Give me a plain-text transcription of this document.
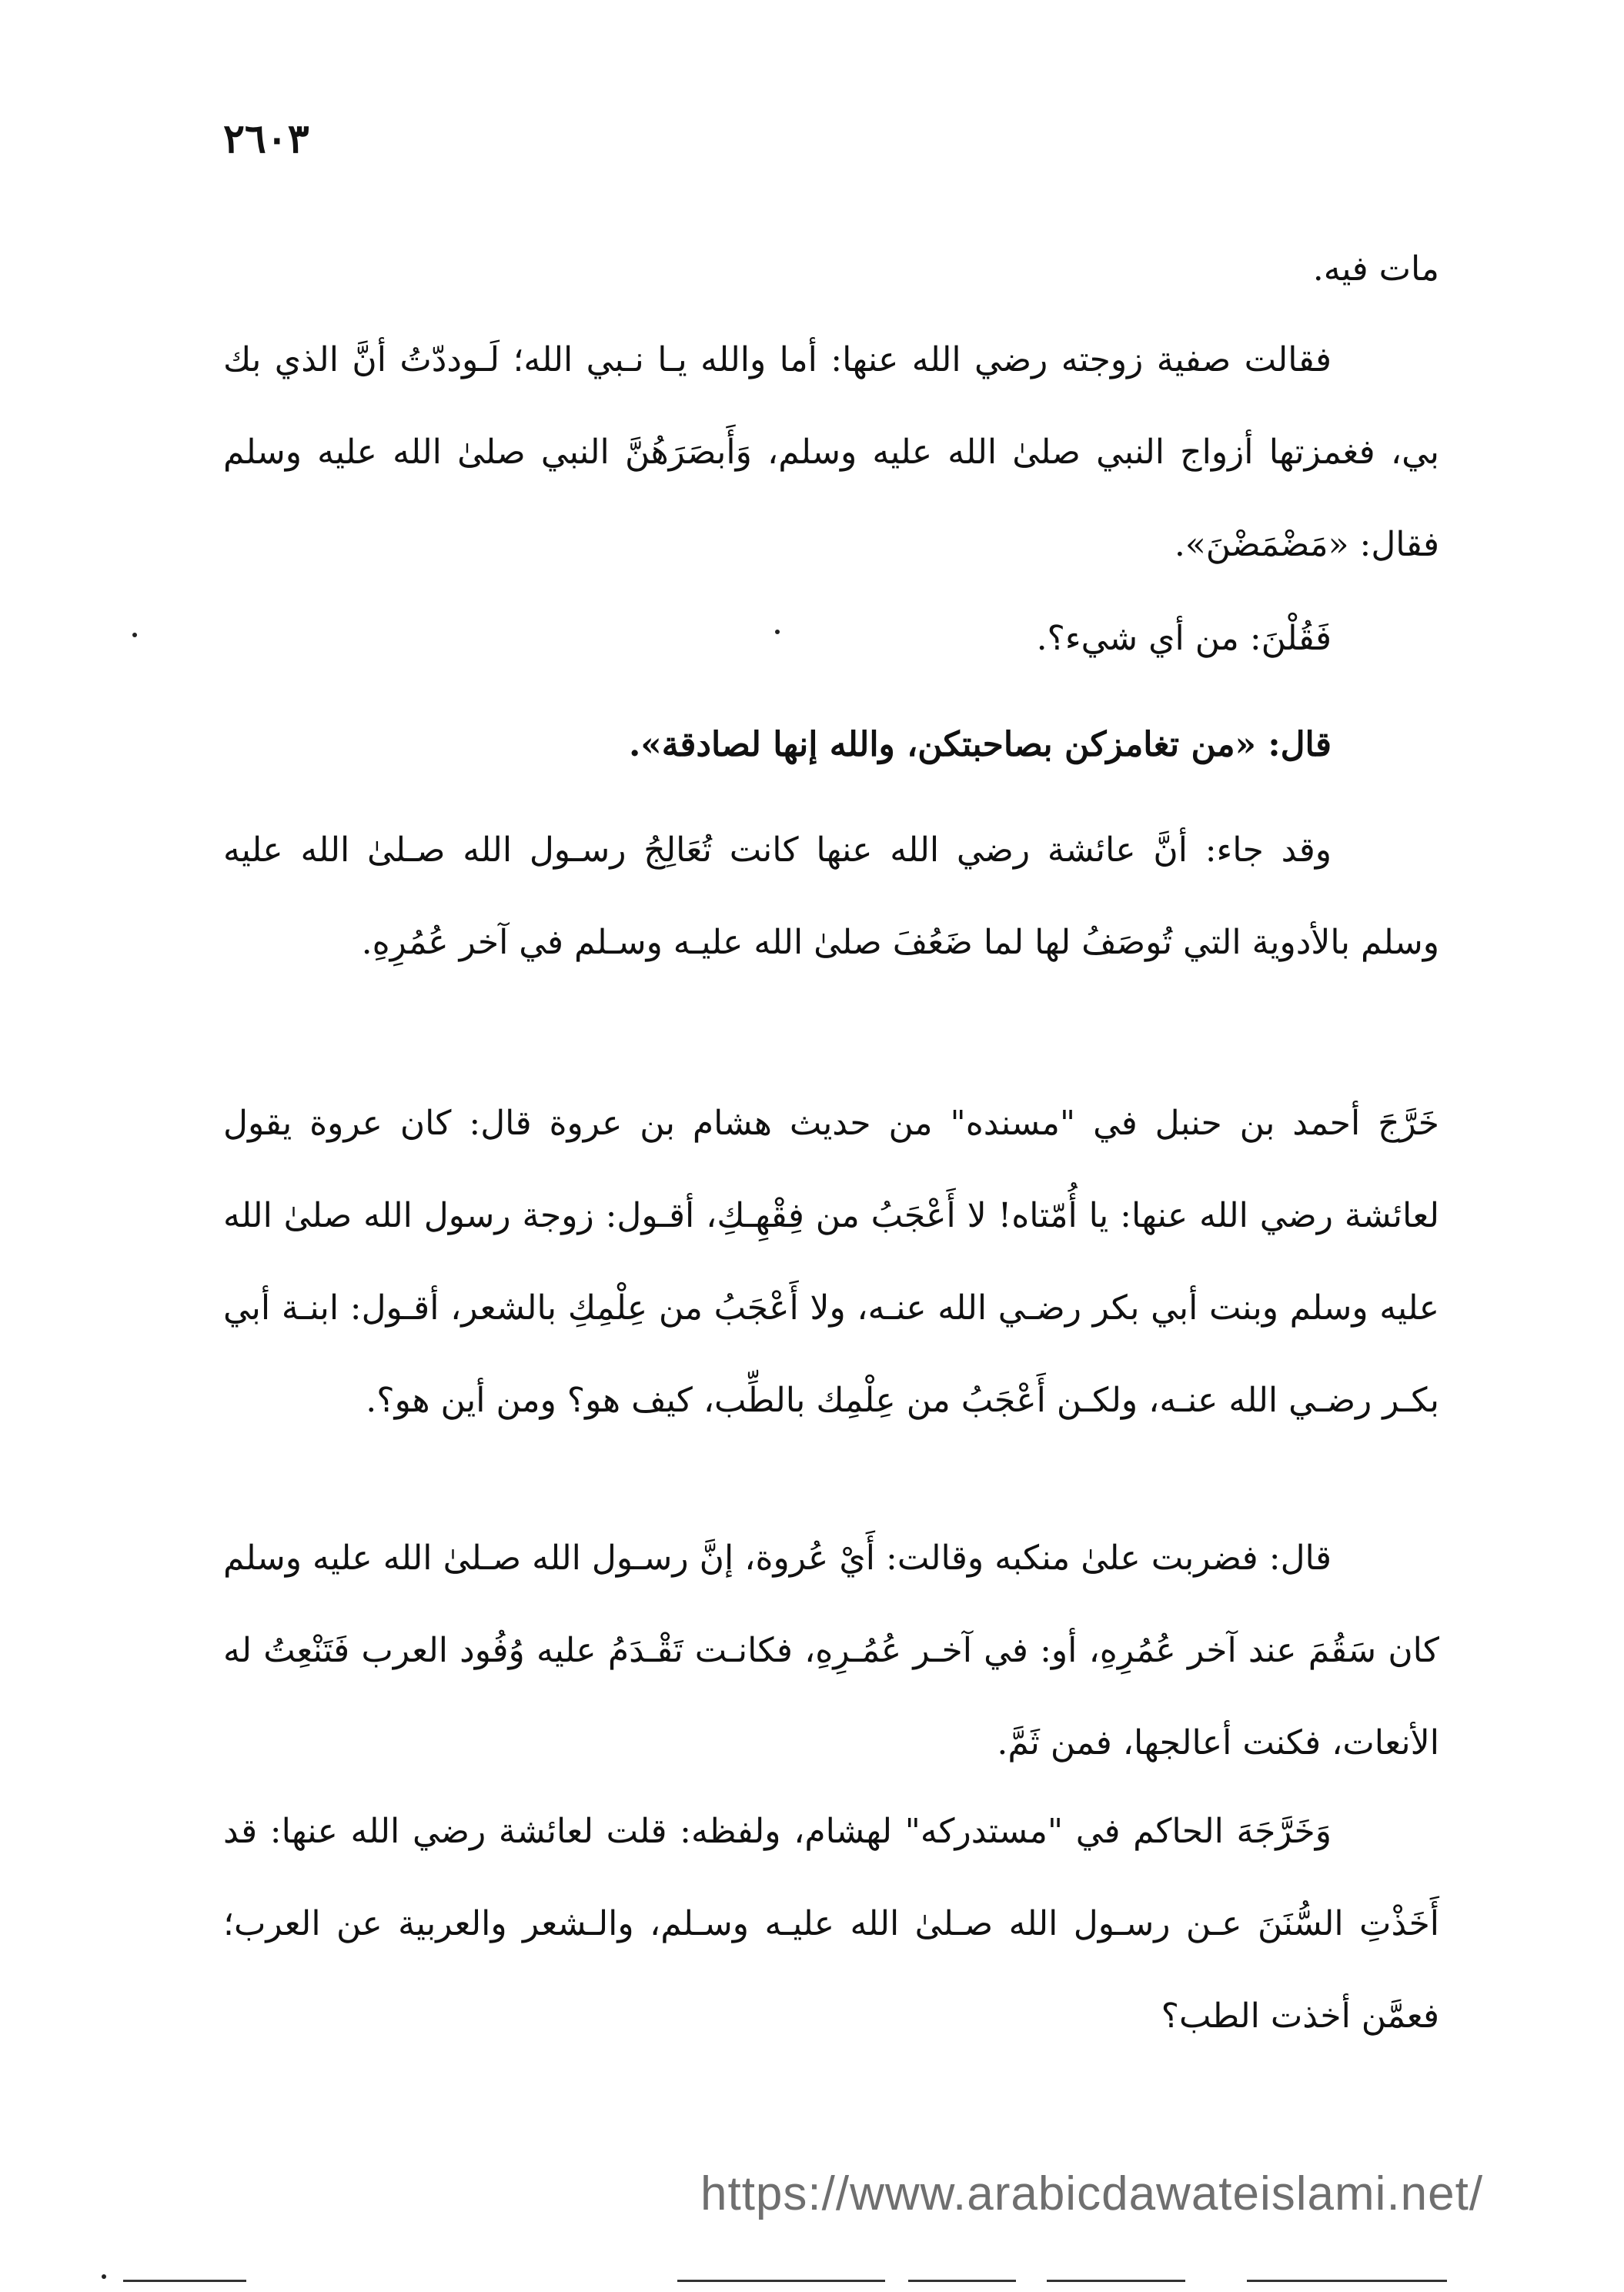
٢٦٠٣

مات فيه.

فقالت صفية زوجته رضي الله عنها: أما والله يـا نـبي الله؛ لَـوددّتُ أنَّ الذي بك بي، فغمزتها أزواج النبي صلىٰ الله عليه وسلم، وَأَبصَرَهُنَّ النبي صلىٰ الله عليه وسلم فقال: «مَضْمَضْنَ».

فَقُلْنَ: من أي شيء؟.

قال: «من تغامزكن بصاحبتكن، والله إنها لصادقة».

وقد جاء: أنَّ عائشة رضي الله عنها كانت تُعَالِجُ رسـول الله صـلىٰ الله عليه وسلم بالأدوية التي تُوصَفُ لها لما ضَعُفَ صلىٰ الله عليـه وسـلم في آخر عُمُرِهِ.

خَرَّجَ أحمد بن حنبل في "مسنده" من حديث هشام بن عروة قال: كان عروة يقول لعائشة رضي الله عنها: يا أُمّتاه! لا أَعْجَبُ من فِقْهِـكِ، أقـول: زوجة رسول الله صلىٰ الله عليه وسلم وبنت أبي بكر رضـي الله عنـه، ولا أَعْجَبُ من عِلْمِكِ بالشعر، أقـول: ابنـة أبي بكـر رضـي الله عنـه، ولكـن أَعْجَبُ من عِلْمِك بالطِّب، كيف هو؟ ومن أين هو؟.

قال: فضربت علىٰ منكبه وقالت: أَيْ عُروة، إنَّ رسـول الله صـلىٰ الله عليه وسلم كان سَقُمَ عند آخر عُمُرِهِ، أو: في آخـر عُمُـرِهِ، فكانـت تَقْـدَمُ عليه وُفُود العرب فَتَنْعِتُ له الأنعات، فكنت أعالجها، فمن ثَمَّ.

وَخَرَّجَهَ الحاكم في "مستدركه" لهشام، ولفظه: قلت لعائشة رضي الله عنها: قد أَخَذْتِ السُّنَنَ عـن رسـول الله صـلىٰ الله عليـه وسـلم، والـشعر والعربية عن العرب؛ فعمَّن أخذت الطب؟

https://www.arabicdawateislami.net/
